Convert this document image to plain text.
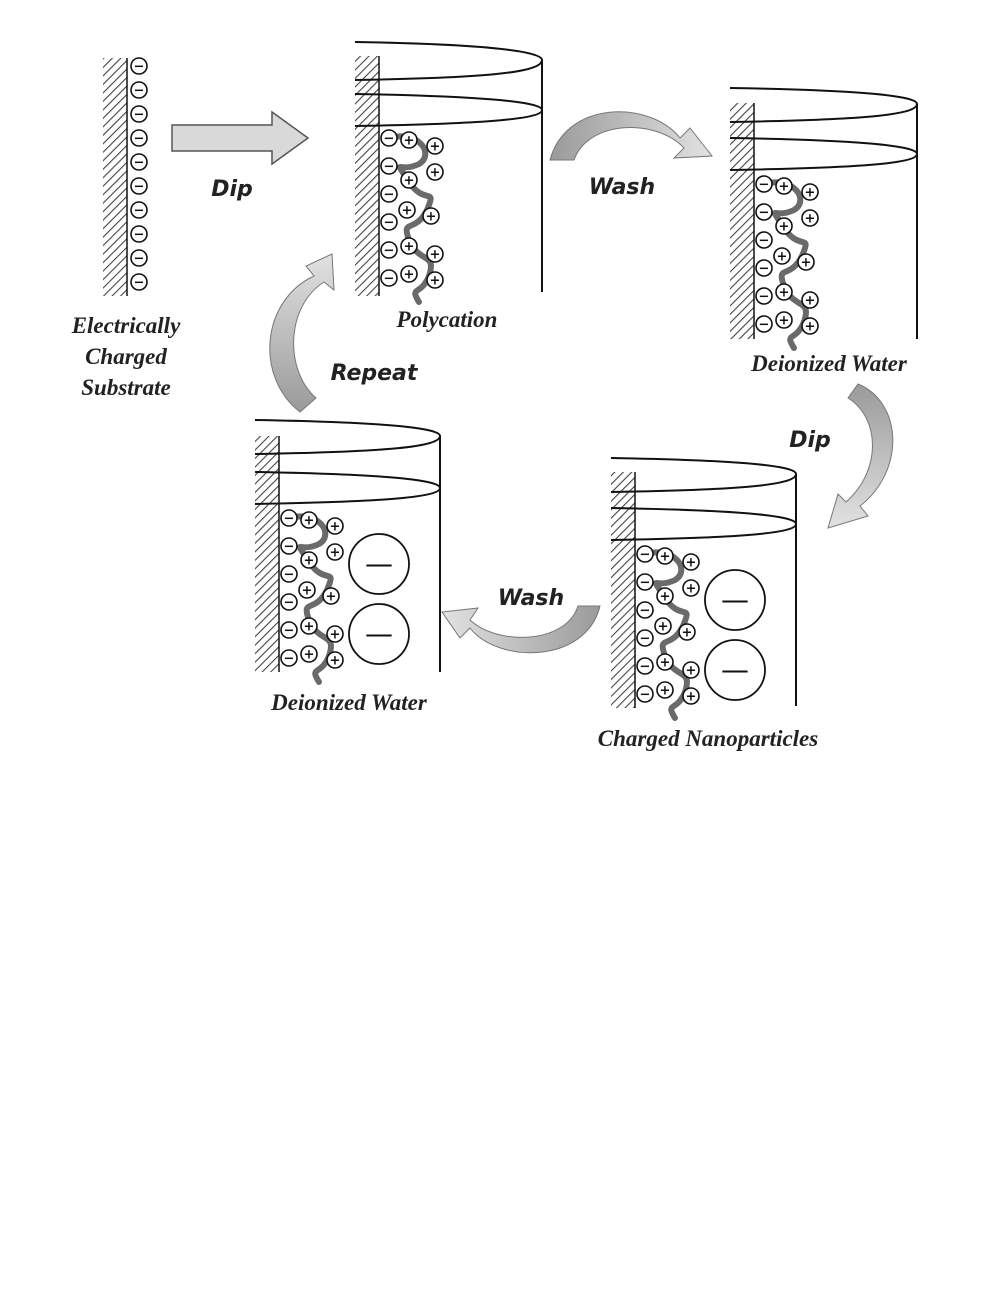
−
−
−
−
−
−
−
−
−
−
−
−
−
−
−
−
+ +
+
+
+ +
+
+
+ +
−
−
−
−
−
−
+ +
+
+
+ +
+
+
+ +
−
−
−
−
−
−
+ +
+
+
+ +
+
+
+ +
—
—
−
−
−
−
−
−
+ +
+
+
+ +
+
+
+ +
—
—
Electrically
Charged
Substrate
Polycation
Deionized Water
Deionized Water
Charged Nanoparticles
Dip	Wash
Dip
Wash
Repeat
